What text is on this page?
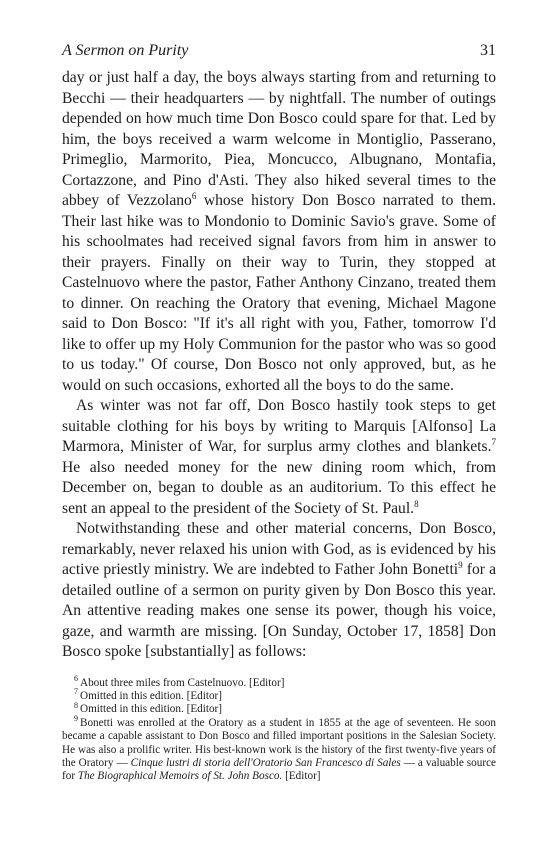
A Sermon on Purity	31

day or just half a day, the boys always starting from and returning to Becchi — their headquarters — by nightfall. The number of outings depended on how much time Don Bosco could spare for that. Led by him, the boys received a warm welcome in Montiglio, Passerano, Primeglio, Marmorito, Piea, Moncucco, Albugnano, Montafia, Cortazzone, and Pino d'Asti. They also hiked several times to the abbey of Vezzolano$^6$ whose history Don Bosco narrated to them. Their last hike was to Mondonio to Dominic Savio's grave. Some of his schoolmates had received signal favors from him in answer to their prayers. Finally on their way to Turin, they stopped at Castelnuovo where the pastor, Father Anthony Cinzano, treated them to dinner. On reaching the Oratory that evening, Michael Magone said to Don Bosco: "If it's all right with you, Father, tomorrow I'd like to offer up my Holy Communion for the pastor who was so good to us today." Of course, Don Bosco not only approved, but, as he would on such occasions, exhorted all the boys to do the same.

As winter was not far off, Don Bosco hastily took steps to get suitable clothing for his boys by writing to Marquis [Alfonso] La Marmora, Minister of War, for surplus army clothes and blankets.$^7$ He also needed money for the new dining room which, from December on, began to double as an auditorium. To this effect he sent an appeal to the president of the Society of St. Paul.$^8$

Notwithstanding these and other material concerns, Don Bosco, remarkably, never relaxed his union with God, as is evidenced by his active priestly ministry. We are indebted to Father John Bonetti$^9$ for a detailed outline of a sermon on purity given by Don Bosco this year. An attentive reading makes one sense its power, though his voice, gaze, and warmth are missing. [On Sunday, October 17, 1858] Don Bosco spoke [substantially] as follows:

$^6$ About three miles from Castelnuovo. [Editor]

$^7$ Omitted in this edition. [Editor]

$^8$ Omitted in this edition. [Editor]

$^9$ Bonetti was enrolled at the Oratory as a student in 1855 at the age of seventeen. He soon became a capable assistant to Don Bosco and filled important positions in the Salesian Society. He was also a prolific writer. His best-known work is the history of the first twenty-five years of the Oratory — Cinque lustri di storia dell'Oratorio San Francesco di Sales — a valuable source for The Biographical Memoirs of St. John Bosco. [Editor]
